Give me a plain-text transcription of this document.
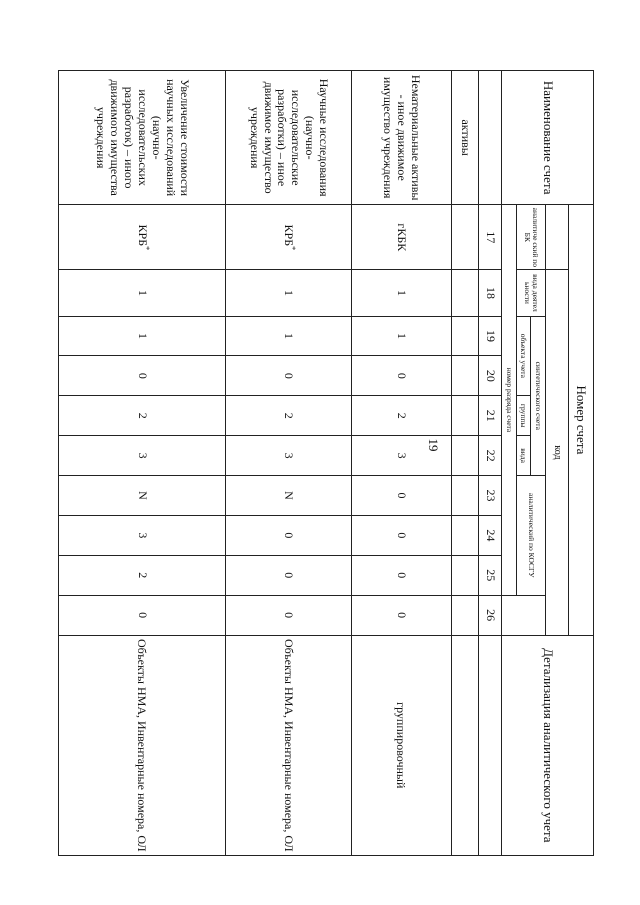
19
Наименование счета	Номер счета										Детализация аналитического учета
		код									
	аналитиче ский по БК	вида деятел ьности	синтетического счета				аналитический по КОСГУ				
			объекта учета		группы	вида					
	номер разряда счета										
	17	18	19	20	21	22	23	24	25	26	
активы											
Нематериальные активы - иное движимое имущество учреждения	гКБК	1	1	0	2	3	0	0	0	0	группировочный
Научные исследования (научно-исследовательские разработки) – иное движимое имущество учреждения	КРБ*	1	1	0	2	3	N	0	0	0	Объекты НМА, Инвентарные номера, ОЛ
Увеличение стоимости научных исследований (научно-исследовательских разработок) – иного движимого имущества учреждения	КРБ*	1	1	0	2	3	N	3	2	0	Объекты НМА, Инвентарные номера, ОЛ
